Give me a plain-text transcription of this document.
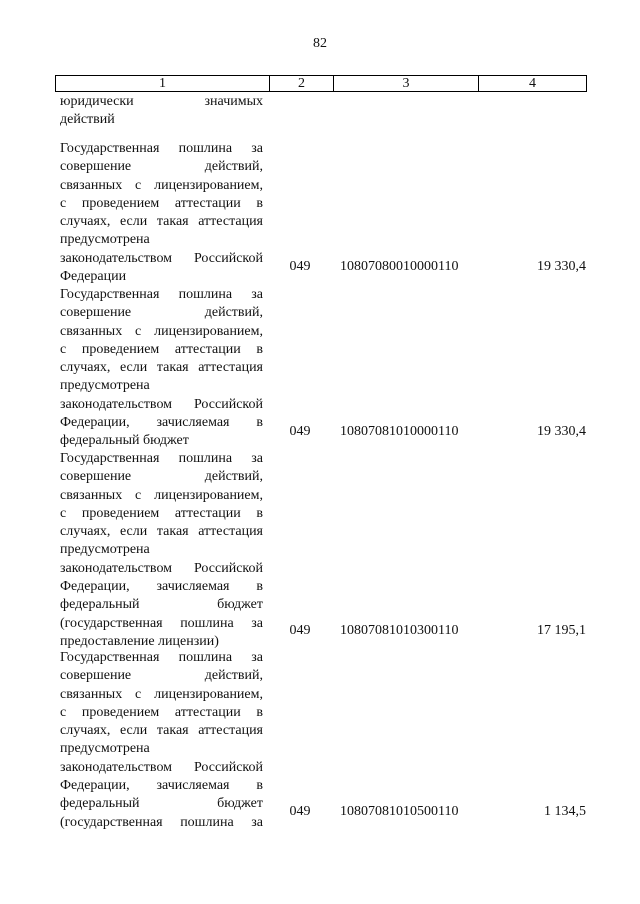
82
1	2	3	4
юридически значимых
действий
Государственная пошлина за
совершение действий,
связанных с лицензированием,
с проведением аттестации в
случаях, если такая аттестация
предусмотрена
законодательством Российской
Федерации
049	10807080010000110	19 330,4
Государственная пошлина за
совершение действий,
связанных с лицензированием,
с проведением аттестации в
случаях, если такая аттестация
предусмотрена
законодательством Российской
Федерации, зачисляемая в
федеральный бюджет
049	10807081010000110	19 330,4
Государственная пошлина за
совершение действий,
связанных с лицензированием,
с проведением аттестации в
случаях, если такая аттестация
предусмотрена
законодательством Российской
Федерации, зачисляемая в
федеральный бюджет
(государственная пошлина за
предоставление лицензии)
049	10807081010300110	17 195,1
Государственная пошлина за
совершение действий,
связанных с лицензированием,
с проведением аттестации в
случаях, если такая аттестация
предусмотрена
законодательством Российской
Федерации, зачисляемая в
федеральный бюджет
(государственная пошлина за
049	10807081010500110	1 134,5
